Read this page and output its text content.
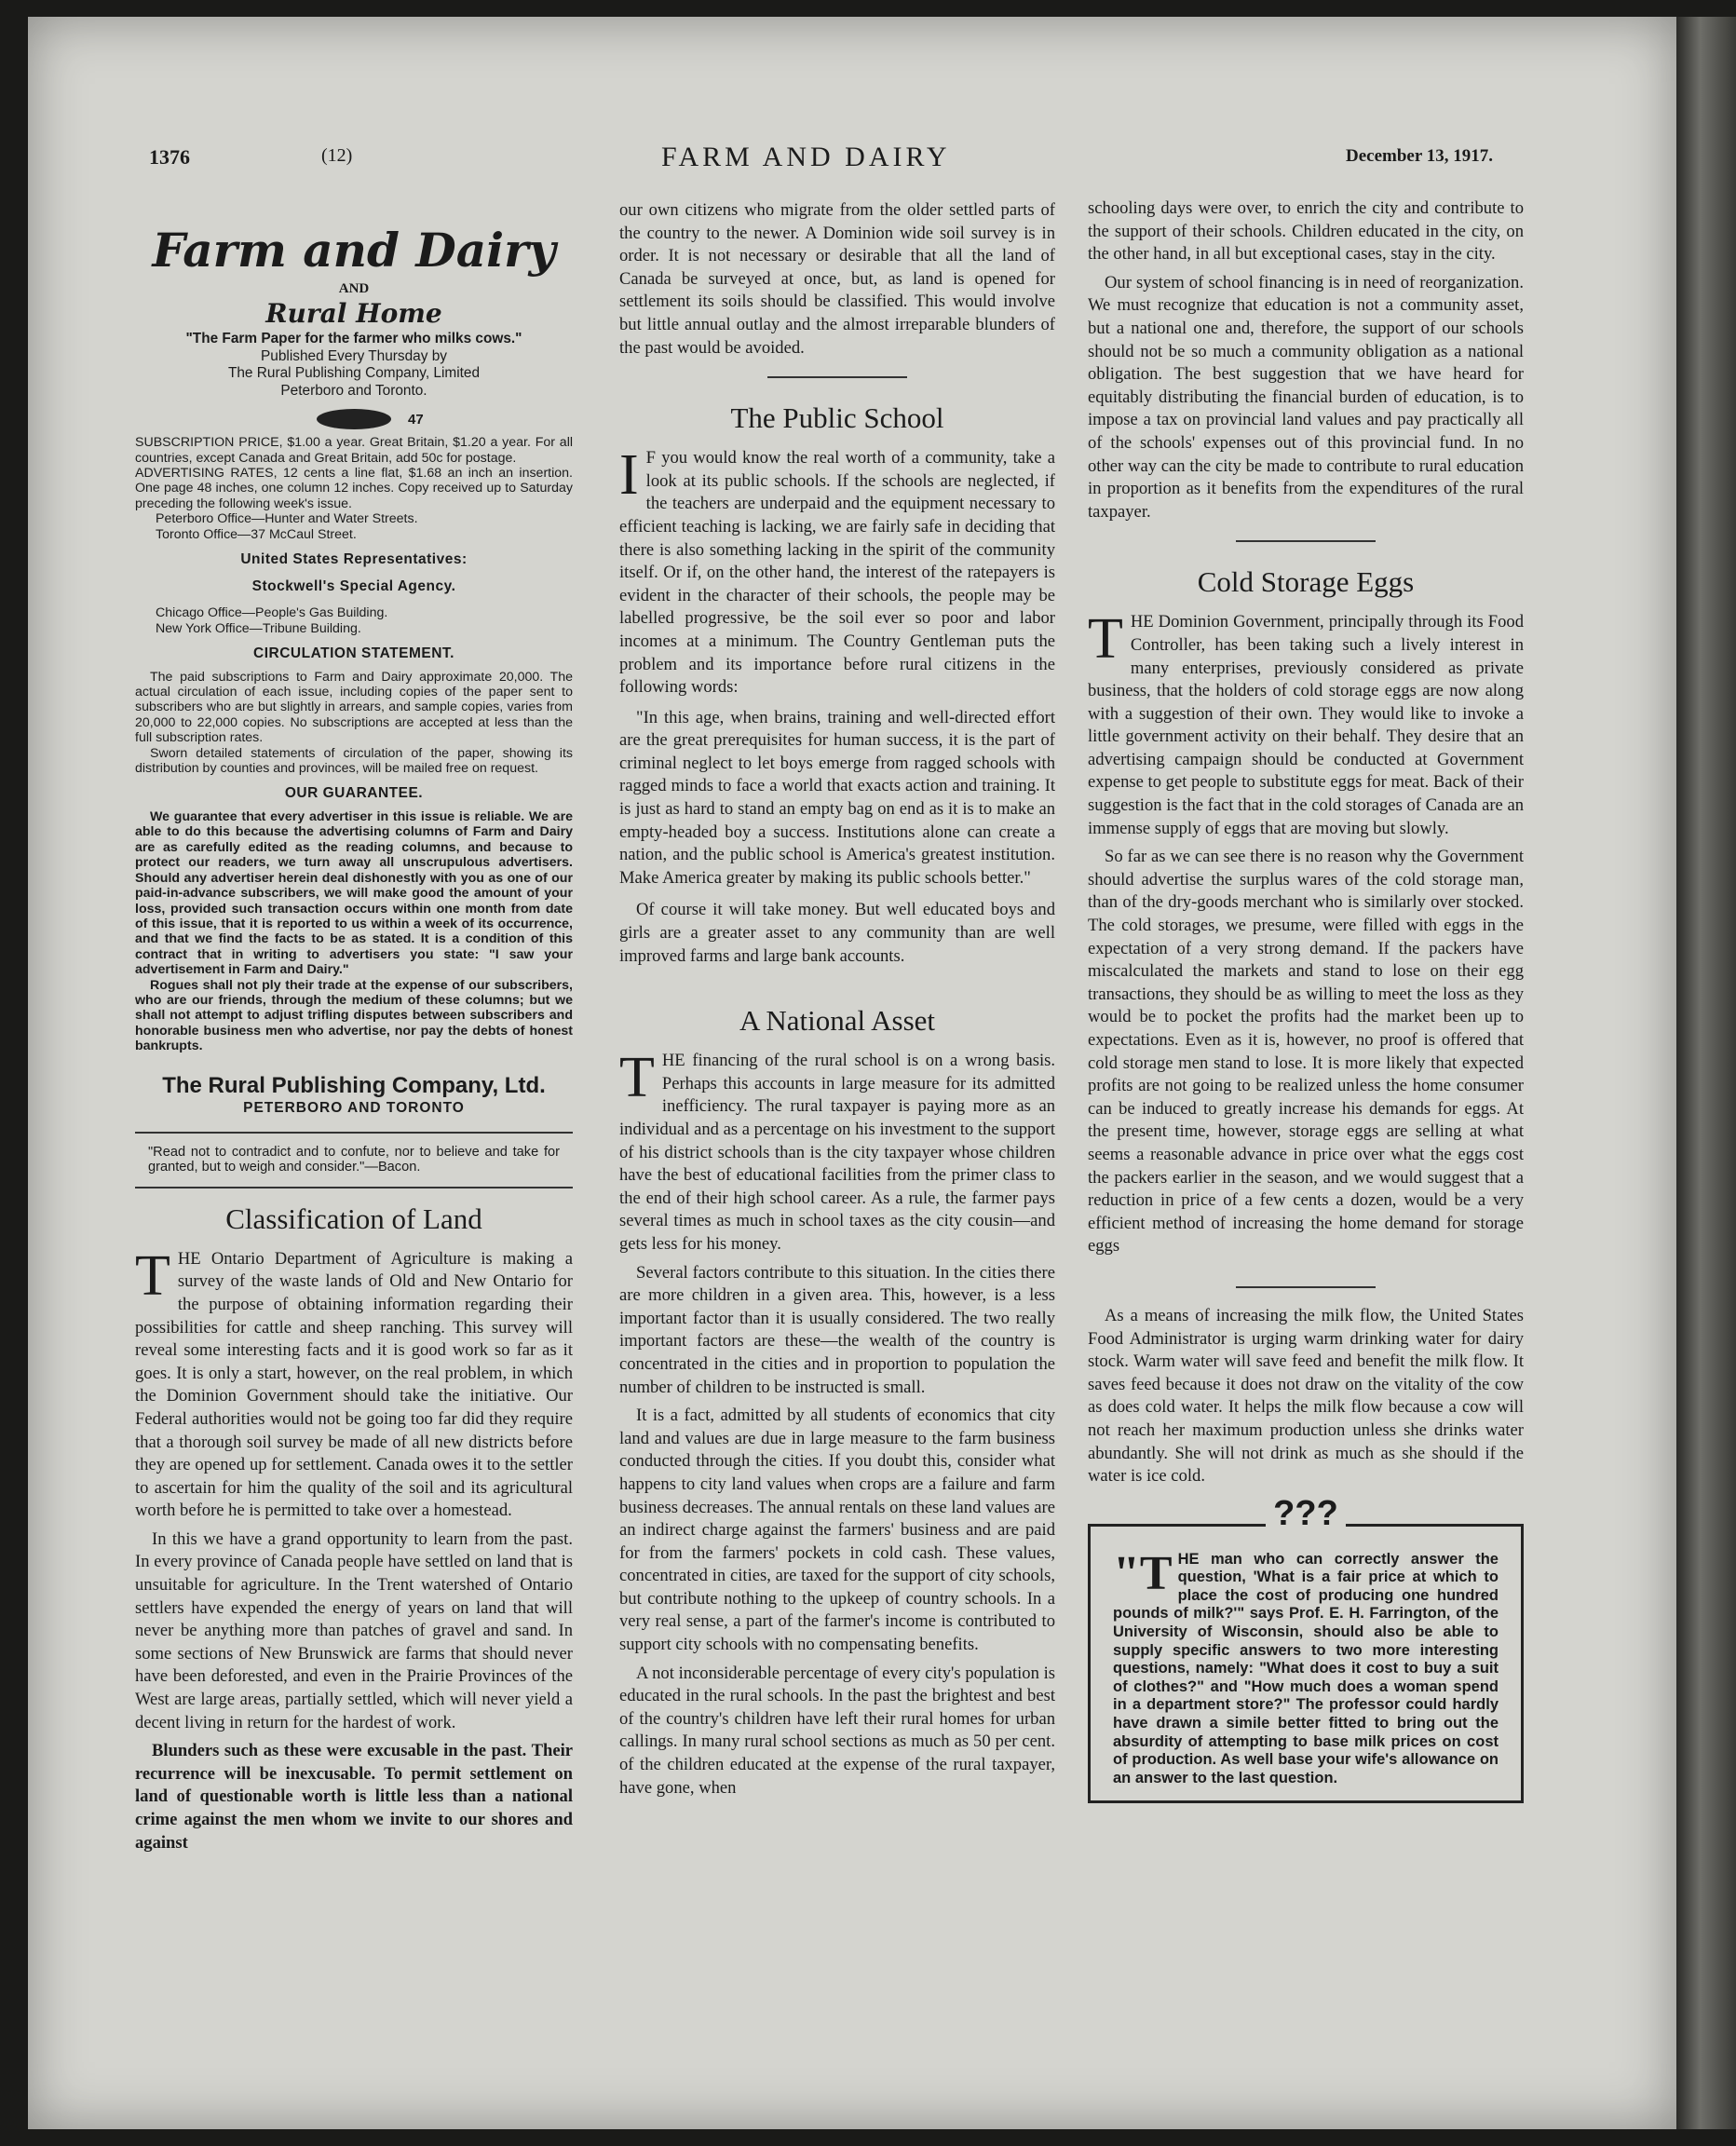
1376	(12)	FARM AND DAIRY	December 13, 1917.
Farm and Dairy
AND
Rural Home
"The Farm Paper for the farmer who milks cows."
Published Every Thursday by
The Rural Publishing Company, Limited
Peterboro and Toronto.
47
SUBSCRIPTION PRICE, $1.00 a year. Great Britain, $1.20 a year. For all countries, except Canada and Great Britain, add 50c for postage.
ADVERTISING RATES, 12 cents a line flat, $1.68 an inch an insertion. One page 48 inches, one column 12 inches. Copy received up to Saturday preceding the following week's issue.
Peterboro Office—Hunter and Water Streets.
Toronto Office—37 McCaul Street.
United States Representatives:
Stockwell's Special Agency.
Chicago Office—People's Gas Building.
New York Office—Tribune Building.
CIRCULATION STATEMENT.
The paid subscriptions to Farm and Dairy approximate 20,000. The actual circulation of each issue, including copies of the paper sent to subscribers who are but slightly in arrears, and sample copies, varies from 20,000 to 22,000 copies. No subscriptions are accepted at less than the full subscription rates.
Sworn detailed statements of circulation of the paper, showing its distribution by counties and provinces, will be mailed free on request.
OUR GUARANTEE.
We guarantee that every advertiser in this issue is reliable. We are able to do this because the advertising columns of Farm and Dairy are as carefully edited as the reading columns, and because to protect our readers, we turn away all unscrupulous advertisers. Should any advertiser herein deal dishonestly with you as one of our paid-in-advance subscribers, we will make good the amount of your loss, provided such transaction occurs within one month from date of this issue, that it is reported to us within a week of its occurrence, and that we find the facts to be as stated. It is a condition of this contract that in writing to advertisers you state: "I saw your advertisement in Farm and Dairy."
Rogues shall not ply their trade at the expense of our subscribers, who are our friends, through the medium of these columns; but we shall not attempt to adjust trifling disputes between subscribers and honorable business men who advertise, nor pay the debts of honest bankrupts.
The Rural Publishing Company, Ltd.
PETERBORO AND TORONTO
"Read not to contradict and to confute, nor to believe and take for granted, but to weigh and consider."—Bacon.
Classification of Land

THE Ontario Department of Agriculture is making a survey of the waste lands of Old and New Ontario for the purpose of obtaining information regarding their possibilities for cattle and sheep ranching. This survey will reveal some interesting facts and it is good work so far as it goes. It is only a start, however, on the real problem, in which the Dominion Government should take the initiative. Our Federal authorities would not be going too far did they require that a thorough soil survey be made of all new districts before they are opened up for settlement. Canada owes it to the settler to ascertain for him the quality of the soil and its agricultural worth before he is permitted to take over a homestead.

In this we have a grand opportunity to learn from the past. In every province of Canada people have settled on land that is unsuitable for agriculture. In the Trent watershed of Ontario settlers have expended the energy of years on land that will never be anything more than patches of gravel and sand. In some sections of New Brunswick are farms that should never have been deforested, and even in the Prairie Provinces of the West are large areas, partially settled, which will never yield a decent living in return for the hardest of work.

Blunders such as these were excusable in the past. Their recurrence will be inexcusable. To permit settlement on land of questionable worth is little less than a national crime against the men whom we invite to our shores and against

our own citizens who migrate from the older settled parts of the country to the newer. A Dominion wide soil survey is in order. It is not necessary or desirable that all the land of Canada be surveyed at once, but, as land is opened for settlement its soils should be classified. This would involve but little annual outlay and the almost irreparable blunders of the past would be avoided.

The Public School

I F you would know the real worth of a community, take a look at its public schools. If the schools are neglected, if the teachers are underpaid and the equipment necessary to efficient teaching is lacking, we are fairly safe in deciding that there is also something lacking in the spirit of the community itself. Or if, on the other hand, the interest of the ratepayers is evident in the character of their schools, the people may be labelled progressive, be the soil ever so poor and labor incomes at a minimum. The Country Gentleman puts the problem and its importance before rural citizens in the following words:

"In this age, when brains, training and well-directed effort are the great prerequisites for human success, it is the part of criminal neglect to let boys emerge from ragged schools with ragged minds to face a world that exacts action and training. It is just as hard to stand an empty bag on end as it is to make an empty-headed boy a success. Institutions alone can create a nation, and the public school is America's greatest institution. Make America greater by making its public schools better."

Of course it will take money. But well educated boys and girls are a greater asset to any community than are well improved farms and large bank accounts.

A National Asset

THE financing of the rural school is on a wrong basis. Perhaps this accounts in large measure for its admitted inefficiency. The rural taxpayer is paying more as an individual and as a percentage on his investment to the support of his district schools than is the city taxpayer whose children have the best of educational facilities from the primer class to the end of their high school career. As a rule, the farmer pays several times as much in school taxes as the city cousin—and gets less for his money.

Several factors contribute to this situation. In the cities there are more children in a given area. This, however, is a less important factor than it is usually considered. The two really important factors are these—the wealth of the country is concentrated in the cities and in proportion to population the number of children to be instructed is small.

It is a fact, admitted by all students of economics that city land and values are due in large measure to the farm business conducted through the cities. If you doubt this, consider what happens to city land values when crops are a failure and farm business decreases. The annual rentals on these land values are an indirect charge against the farmers' business and are paid for from the farmers' pockets in cold cash. These values, concentrated in cities, are taxed for the support of city schools, but contribute nothing to the upkeep of country schools. In a very real sense, a part of the farmer's income is contributed to support city schools with no compensating benefits.

A not inconsiderable percentage of every city's population is educated in the rural schools. In the past the brightest and best of the country's children have left their rural homes for urban callings. In many rural school sections as much as 50 per cent. of the children educated at the expense of the rural taxpayer, have gone, when

schooling days were over, to enrich the city and contribute to the support of their schools. Children educated in the city, on the other hand, in all but exceptional cases, stay in the city.

Our system of school financing is in need of reorganization. We must recognize that education is not a community asset, but a national one and, therefore, the support of our schools should not be so much a community obligation as a national obligation. The best suggestion that we have heard for equitably distributing the financial burden of education, is to impose a tax on provincial land values and pay practically all of the schools' expenses out of this provincial fund. In no other way can the city be made to contribute to rural education in proportion as it benefits from the expenditures of the rural taxpayer.

Cold Storage Eggs

THE Dominion Government, principally through its Food Controller, has been taking such a lively interest in many enterprises, previously considered as private business, that the holders of cold storage eggs are now along with a suggestion of their own. They would like to invoke a little government activity on their behalf. They desire that an advertising campaign should be conducted at Government expense to get people to substitute eggs for meat. Back of their suggestion is the fact that in the cold storages of Canada are an immense supply of eggs that are moving but slowly.

So far as we can see there is no reason why the Government should advertise the surplus wares of the cold storage man, than of the dry-goods merchant who is similarly over stocked. The cold storages, we presume, were filled with eggs in the expectation of a very strong demand. If the packers have miscalculated the markets and stand to lose on their egg transactions, they should be as willing to meet the loss as they would be to pocket the profits had the market been up to expectations. Even as it is, however, no proof is offered that cold storage men stand to lose. It is more likely that expected profits are not going to be realized unless the home consumer can be induced to greatly increase his demands for eggs. At the present time, however, storage eggs are selling at what seems a reasonable advance in price over what the eggs cost the packers earlier in the season, and we would suggest that a reduction in price of a few cents a dozen, would be a very efficient method of increasing the home demand for storage eggs

As a means of increasing the milk flow, the United States Food Administrator is urging warm drinking water for dairy stock. Warm water will save feed and benefit the milk flow. It saves feed because it does not draw on the vitality of the cow as does cold water. It helps the milk flow because a cow will not reach her maximum production unless she drinks water abundantly. She will not drink as much as she should if the water is ice cold.

???
"THE man who can correctly answer the question, 'What is a fair price at which to place the cost of producing one hundred pounds of milk?'" says Prof. E. H. Farrington, of the University of Wisconsin, should also be able to supply specific answers to two more interesting questions, namely: "What does it cost to buy a suit of clothes?" and "How much does a woman spend in a department store?" The professor could hardly have drawn a simile better fitted to bring out the absurdity of attempting to base milk prices on cost of production. As well base your wife's allowance on an answer to the last question.
